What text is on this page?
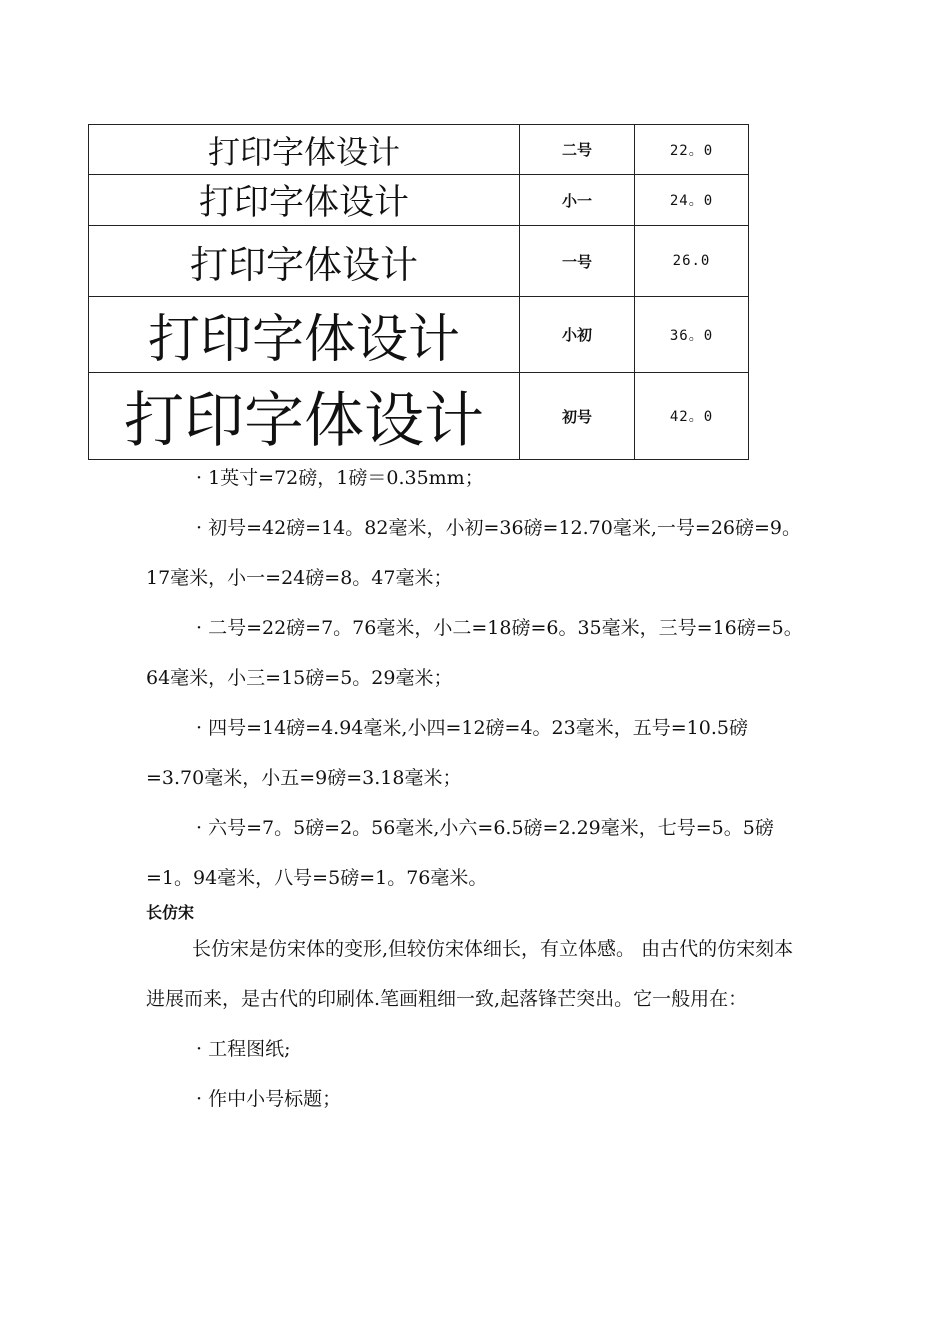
打印字体设计	二号	22。0
打印字体设计	小一	24。0
打印字体设计	一号	26.0
打印字体设计	小初	36。0
打印字体设计	初号	42。0

· 1英寸=72磅，1磅＝0.35mm；

· 初号=42磅=14。82毫米，小初=36磅=12.70毫米,一号=26磅=9。17毫米，小一=24磅=8。47毫米；

· 二号=22磅=7。76毫米，小二=18磅=6。35毫米，三号=16磅=5。64毫米，小三=15磅=5。29毫米；

· 四号=14磅=4.94毫米,小四=12磅=4。23毫米，五号=10.5磅=3.70毫米，小五=9磅=3.18毫米；

· 六号=7。5磅=2。56毫米,小六=6.5磅=2.29毫米，七号=5。5磅=1。94毫米，八号=5磅=1。76毫米。

长仿宋

长仿宋是仿宋体的变形,但较仿宋体细长，有立体感。 由古代的仿宋刻本进展而来，是古代的印刷体.笔画粗细一致,起落锋芒突出。它一般用在：

· 工程图纸;

· 作中小号标题；
